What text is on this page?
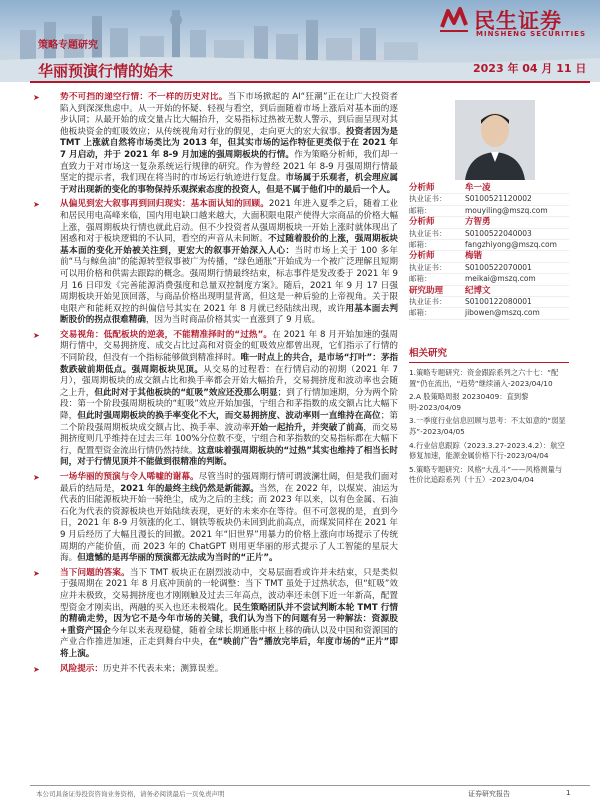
民生证券
MINSHENG SECURITIES
策略专题研究
华丽预演行情的始末	2023 年 04 月 11 日
➤ 势不可挡的递空行情：不一样的历史对比。当下市场掀起的 AI“狂潮”正在让广大投资者陷入到深深焦虑中。从一开始的怀疑、轻视与看空，到后面随着市场上涨后对基本面的逐步认同；从最开始的成交量占比大幅抬升，交易指标过热被无数人警示，到后面呈现对其他板块资金的虹吸效应；从传统视角对行业的假见，走向更大的宏大叙事。投资者因为是 TMT 上涨就自然将市场类比为 2013 年，但其实市场的运作特征更类似于在 2021 年 7 月启动，并于 2021 年 8-9 月加速的强周期板块的行情。作为策略分析师，我们却一直致力于对市场这一复杂系统运行规律的研究。作为曾经 2021 年 8-9 月强周期行情最坚定的提示者，我们现在将当时的市场运行轨迹进行复盘。市场属于乐观者，机会理应属于对出现新的变化的事物保持乐观探索态度的投资人，但是不属于他们中的最后一个人。
➤ 从偏见到宏大叙事再到回归现实：基本面认知的回顾。2021 年进入夏季之后，随着工业和居民用电高峰来临，国内用电缺口越来越大，大面积限电限产使得大宗商品的价格大幅上涨，强周期板块行情也就此启动。但不少投资者从强周期板块一开始上涨时就体现出了困惑和对于板块逻辑的不认同，看空的声音从未间断。不过随着股价的上涨，强周期板块基本面的变化开始被关注到，更宏大的叙事开始深入人心：当时市场上关于 100 多年前“马与鲸鱼油”的能源转型叙事被广为传播，“绿色通胀”开始成为一个被广泛理解且短期可以用价格和供需去跟踪的概念。强周期行情最终结束，标志事件是发改委于 2021 年 9 月 16 日印发《完善能源消费强度和总量双控制度方案》。随后，2021 年 9 月 17 日强周期板块开始见顶回落，与商品价格出现明显背离，但这是一种后验的上帝视角。关于限电限产和能耗双控的纠偏信号其实在 2021 年 8 月就已经陆续出现，或许用基本面去判断股价的拐点很难精确，因为当时商品价格其实一直涨到了 9 月底。
➤ 交易视角：低配板块的逆袭，不能精准择时的“过热”。在 2021 年 8 月开始加速的强周期行情中，交易拥挤度、成交占比过高和对资金的虹吸效应都曾出现，它们指示了行情的不同阶段，但没有一个指标能够做到精准择时。唯一时点上的共合，是市场“打叶”：茅指数跌破前期低点。强周期板块见顶。从交易的过程看：在行情启动的初期（2021 年 7 月），强周期板块的成交额占比和换手率都会开始大幅抬升，交易拥挤度和波动率也会随之上升，但此时对于其他板块的“虹吸”效应还没那么明显；到了行情加速期，分为两个阶段：第一个阶段强周期板块的“虹吸”效应开始加强，宁组合和茅指数的成交额占比大幅下降，但此时强周期板块的换手率变化不大，而交易拥挤度、波动率则一直维持在高位；第二个阶段强周期板块成交额占比、换手率、波动率开始一起抬升，并突破了前高，而交易拥挤度则几乎维持在过去三年 100%分位数不变，宁组合和茅指数的交易指标都在大幅下行，配置型资金流出行情仍然持续。这意味着强周期板块的“过热”其实也维持了相当长时间，对于行情见顶并不能做到很精准的判断。
➤ 一场华丽的预演与令人唏嘘的谢幕。尽管当时的强周期行情可谓波澜壮阔，但是我们面对最后的结局是，2021 年的最终主线仍然是新能源。当然，在 2022 年，以煤炭、油运为代表的旧能源板块开始一骑绝尘，成为之后的主线；而 2023 年以来，以有色金属、石油石化为代表的资源板块也开始陆续表现，更好的未来亦在等待。但不可忽视的是，直到今日，2021 年 8-9 月领涨的化工、钢铁等板块仍未回到此前高点，而煤炭同样在 2021 年 9 月后经历了大幅且漫长的回撤。2021 年“旧世界”用暴力的价格上涨向市场提示了传统周期的产能价值，而 2023 年的 ChatGPT 则用更华丽的形式提示了人工智能的星辰大海。但遗憾的是再华丽的预演都无法成为当时的“正片”。
➤ 当下问题的答案。当下 TMT 板块正在剧烈波动中，交易层面看或许并未结束，只是类似于强周期在 2021 年 8 月底冲顶前的一轮调整：当下 TMT 虽处于过热状态，但“虹吸”效应并未极致，交易拥挤度也才刚刚触及过去三年高点，波动率还未创下近一年新高，配置型资金才刚卖出，两融的买入也还未极端化。民生策略团队并不尝试判断本轮 TMT 行情的精确走势，因为它不是今年市场的关键，我们认为当下的问题有另一种解法：资源股+重资产国企今年以来表现稳健，随着全球长期通胀中枢上移的确认以及中国和资源国的产业合作推进加速，正走到舞台中央，在“映前广告”播放完毕后，年度市场的“正片”即将上演。
➤ 风险提示：历史并不代表未来；测算误差。
分析师	牟一凌
执业证书： S0100521120002
邮箱：	mouyiling@mszq.com
分析师	方智勇
执业证书： S0100522040003
邮箱：	fangzhiyong@mszq.com
分析师	梅锴
执业证书： S0100522070001
邮箱：	meikai@mszq.com
研究助理	纪博文
执业证书： S0100122080001
邮箱：	jibowen@mszq.com
相关研究
1.策略专题研究：资金跟踪系列之六十七：“配置”仍在流出，“趋势”继续涌入-2023/04/10
2.A 股策略周报 20230409：直到黎明-2023/04/09
3.一季度行业信息回顾与思考：不太如意的“弱显苏”-2023/04/05
4.行业信息跟踪（2023.3.27-2023.4.2）：航空修复加速，能源金属价格下行-2023/04/04
5.策略专题研究：风格“大乱斗”——风格测量与性价比追踪系列（十五）-2023/04/04
本公司具备证券投资咨询业务资格，请务必阅读最后一页免责声明	证券研究报告	1
